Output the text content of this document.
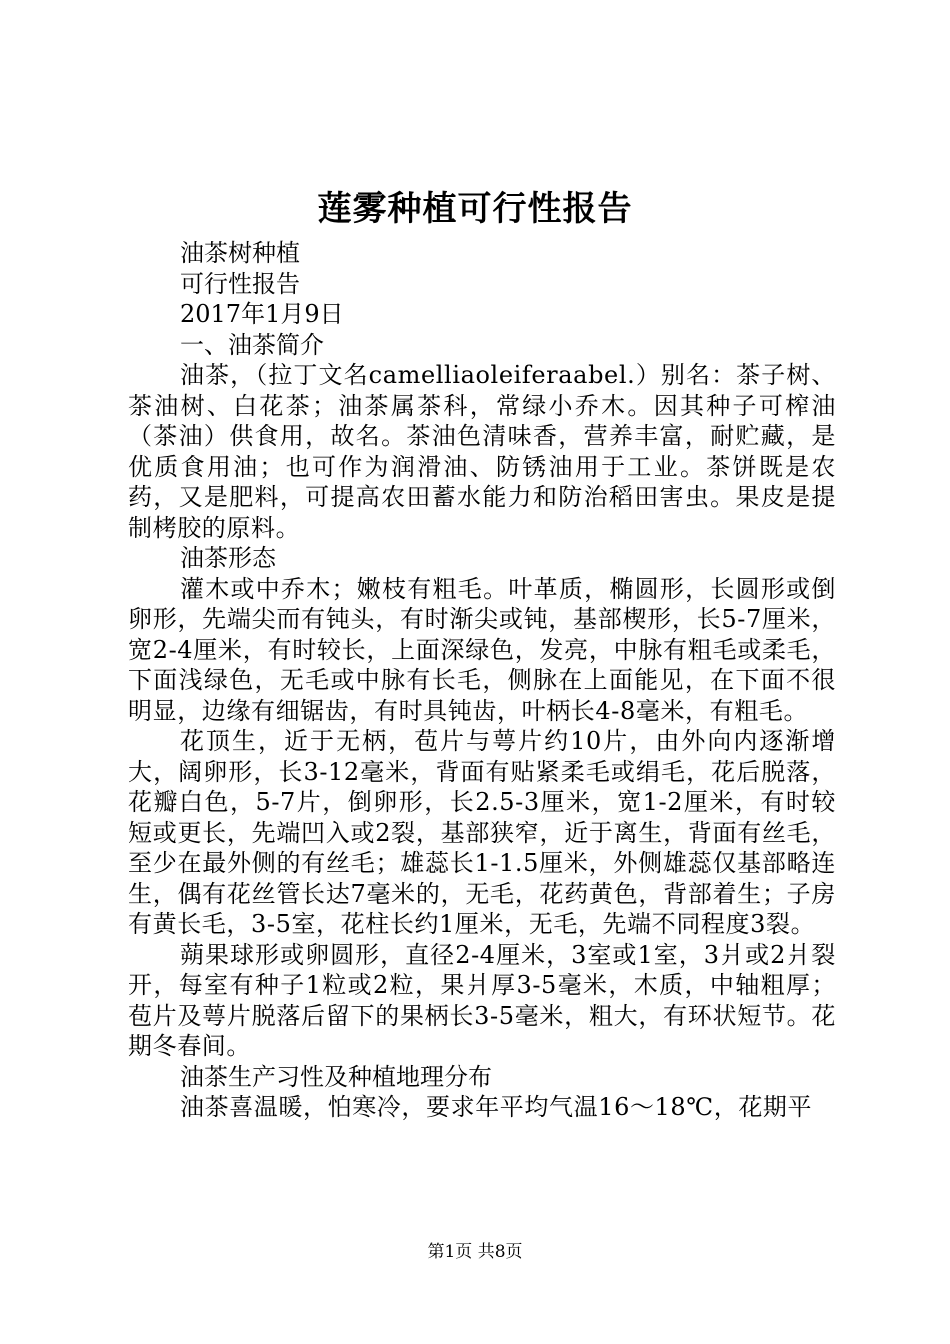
莲雾种植可行性报告

油茶树种植

可行性报告

2017年1月9日

一、油茶简介

油茶，（拉丁文名camelliaoleiferaabel.）别名：茶子树、茶油树、白花茶；油茶属茶科，常绿小乔木。因其种子可榨油（茶油）供食用，故名。茶油色清味香，营养丰富，耐贮藏，是优质食用油；也可作为润滑油、防锈油用于工业。茶饼既是农药，又是肥料，可提高农田蓄水能力和防治稻田害虫。果皮是提制栲胶的原料。

油茶形态

灌木或中乔木；嫩枝有粗毛。叶革质，椭圆形，长圆形或倒卵形，先端尖而有钝头，有时渐尖或钝，基部楔形，长5-7厘米，宽2-4厘米，有时较长，上面深绿色，发亮，中脉有粗毛或柔毛，下面浅绿色，无毛或中脉有长毛，侧脉在上面能见，在下面不很明显，边缘有细锯齿，有时具钝齿，叶柄长4-8毫米，有粗毛。

花顶生，近于无柄，苞片与萼片约10片，由外向内逐渐增大，阔卵形，长3-12毫米，背面有贴紧柔毛或绢毛，花后脱落，花瓣白色，5-7片，倒卵形，长2.5-3厘米，宽1-2厘米，有时较短或更长，先端凹入或2裂，基部狭窄，近于离生，背面有丝毛，至少在最外侧的有丝毛；雄蕊长1-1.5厘米，外侧雄蕊仅基部略连生，偶有花丝管长达7毫米的，无毛，花药黄色，背部着生；子房有黄长毛，3-5室，花柱长约1厘米，无毛，先端不同程度3裂。

蒴果球形或卵圆形，直径2-4厘米，3室或1室，3爿或2爿裂开，每室有种子1粒或2粒，果爿厚3-5毫米，木质，中轴粗厚；苞片及萼片脱落后留下的果柄长3-5毫米，粗大，有环状短节。花期冬春间。

油茶生产习性及种植地理分布

油茶喜温暖，怕寒冷，要求年平均气温16～18℃，花期平

第1页 共8页
